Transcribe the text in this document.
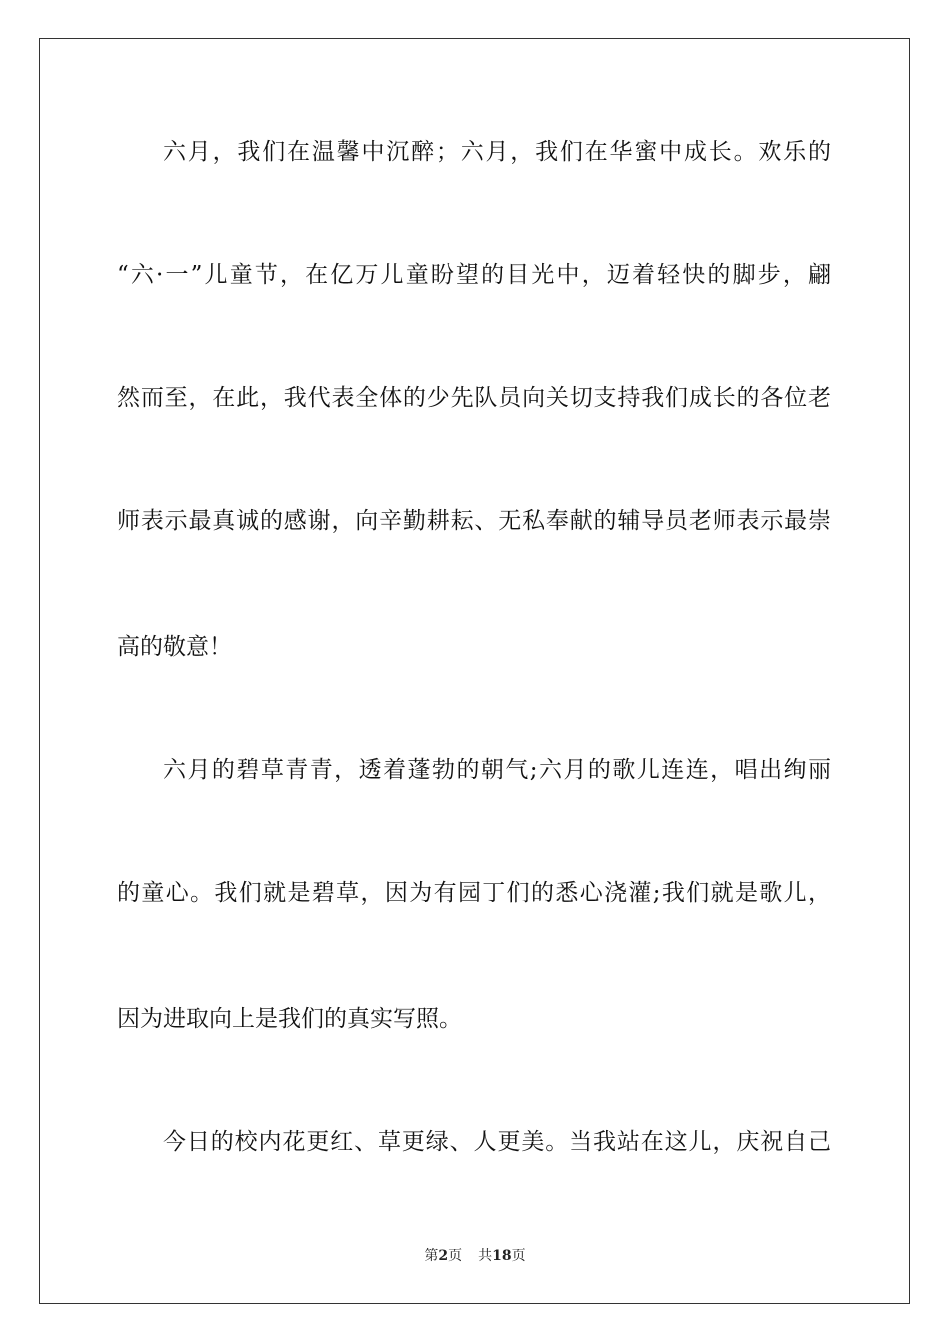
六月，我们在温馨中沉醉；六月，我们在华蜜中成长。欢乐的
“六·一”儿童节，在亿万儿童盼望的目光中，迈着轻快的脚步，翩
然而至，在此，我代表全体的少先队员向关切支持我们成长的各位老
师表示最真诚的感谢，向辛勤耕耘、无私奉献的辅导员老师表示最崇
高的敬意！
六月的碧草青青，透着蓬勃的朝气;六月的歌儿连连，唱出绚丽
的童心。我们就是碧草，因为有园丁们的悉心浇灌;我们就是歌儿，
因为进取向上是我们的真实写照。
今日的校内花更红、草更绿、人更美。当我站在这儿，庆祝自己
第2页 共18页
